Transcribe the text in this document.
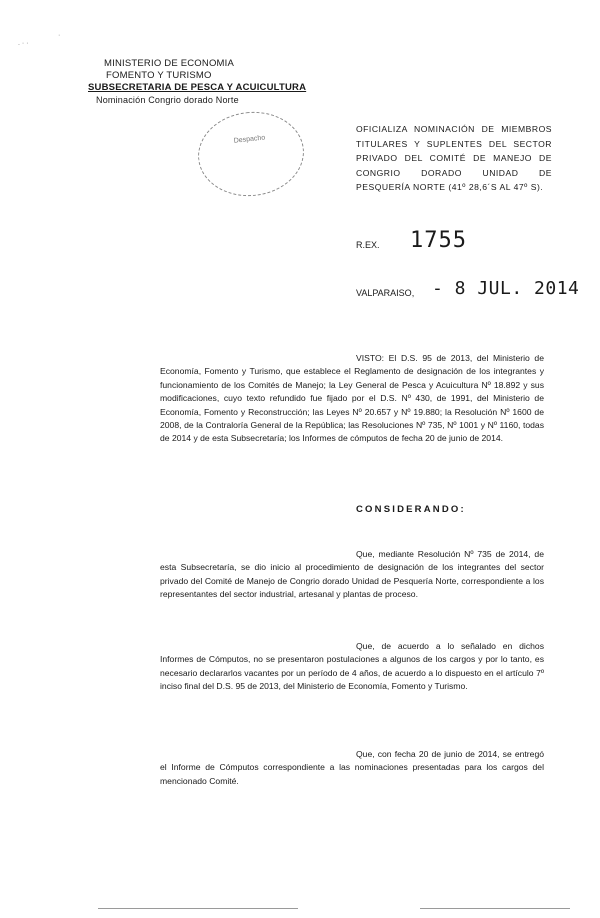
. · ·
·
MINISTERIO DE ECONOMIA
FOMENTO Y TURISMO
SUBSECRETARIA DE PESCA Y ACUICULTURA
Nominación Congrio dorado Norte
Despacho
OFICIALIZA NOMINACIÓN DE MIEMBROS TITULARES Y SUPLENTES DEL SECTOR PRIVADO DEL COMITÉ DE MANEJO DE CONGRIO DORADO UNIDAD DE PESQUERÍA NORTE (41º 28,6´S AL 47º S).
R.EX. 1755
VALPARAISO, - 8 JUL. 2014
VISTO: El D.S. 95 de 2013, del Ministerio de Economía, Fomento y Turismo, que establece el Reglamento de designación de los integrantes y funcionamiento de los Comités de Manejo; la Ley General de Pesca y Acuicultura Nº 18.892 y sus modificaciones, cuyo texto refundido fue fijado por el D.S. Nº 430, de 1991, del Ministerio de Economía, Fomento y Reconstrucción; las Leyes Nº 20.657 y Nº 19.880; la Resolución Nº 1600 de 2008, de la Contraloría General de la República; las Resoluciones Nº 735, Nº 1001 y Nº 1160, todas de 2014 y de esta Subsecretaría; los Informes de cómputos de fecha 20 de junio de 2014.
CONSIDERANDO:
Que, mediante Resolución Nº 735 de 2014, de esta Subsecretaría, se dio inicio al procedimiento de designación de los integrantes del sector privado del Comité de Manejo de Congrio dorado Unidad de Pesquería Norte, correspondiente a los representantes del sector industrial, artesanal y plantas de proceso.
Que, de acuerdo a lo señalado en dichos Informes de Cómputos, no se presentaron postulaciones a algunos de los cargos y por lo tanto, es necesario declararlos vacantes por un período de 4 años, de acuerdo a lo dispuesto en el artículo 7º inciso final del D.S. 95 de 2013, del Ministerio de Economía, Fomento y Turismo.
Que, con fecha 20 de junio de 2014, se entregó el Informe de Cómputos correspondiente a las nominaciones presentadas para los cargos del mencionado Comité.
